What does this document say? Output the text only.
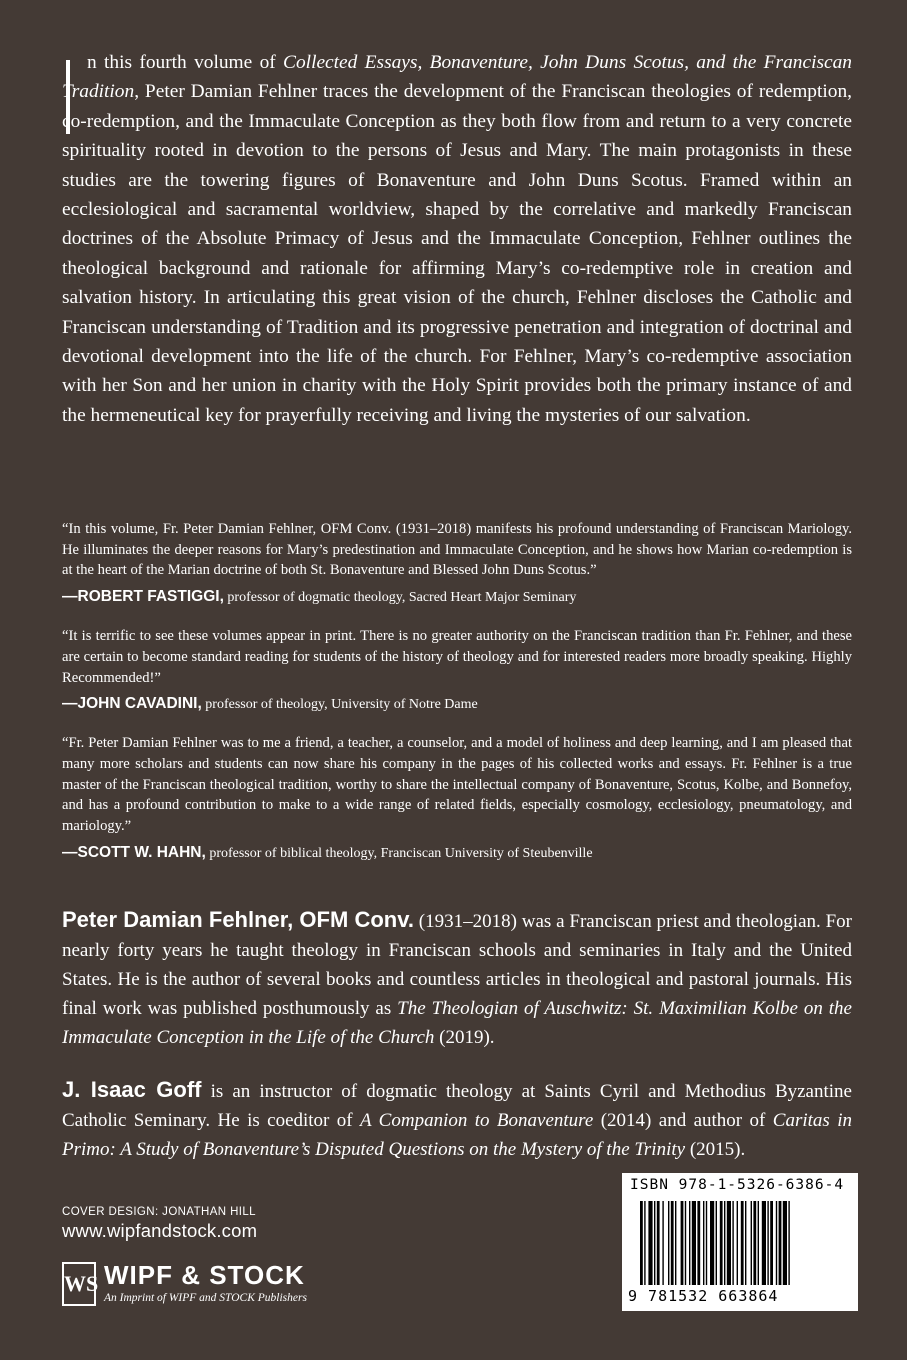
n this fourth volume of Collected Essays, Bonaventure, John Duns Scotus, and the Franciscan Tradition, Peter Damian Fehlner traces the development of the Franciscan theologies of redemption, co-redemption, and the Immaculate Conception as they both flow from and return to a very concrete spirituality rooted in devotion to the persons of Jesus and Mary. The main protagonists in these studies are the towering figures of Bonaventure and John Duns Scotus. Framed within an ecclesiological and sacramental worldview, shaped by the correlative and markedly Franciscan doctrines of the Absolute Primacy of Jesus and the Immaculate Conception, Fehlner outlines the theological background and rationale for affirming Mary’s co-redemptive role in creation and salvation history. In articulating this great vision of the church, Fehlner discloses the Catholic and Franciscan understanding of Tradition and its progressive penetration and integration of doctrinal and devotional development into the life of the church. For Fehlner, Mary’s co-redemptive association with her Son and her union in charity with the Holy Spirit provides both the primary instance of and the hermeneutical key for prayerfully receiving and living the mysteries of our salvation.

“In this volume, Fr. Peter Damian Fehlner, OFM Conv. (1931–2018) manifests his profound understanding of Franciscan Mariology. He illuminates the deeper reasons for Mary’s predestination and Immaculate Conception, and he shows how Marian co-redemption is at the heart of the Marian doctrine of both St. Bonaventure and Blessed John Duns Scotus.”

—ROBERT FASTIGGI, professor of dogmatic theology, Sacred Heart Major Seminary

“It is terrific to see these volumes appear in print. There is no greater authority on the Franciscan tradition than Fr. Fehlner, and these are certain to become standard reading for students of the history of theology and for interested readers more broadly speaking. Highly Recommended!”

—JOHN CAVADINI, professor of theology, University of Notre Dame

“Fr. Peter Damian Fehlner was to me a friend, a teacher, a counselor, and a model of holiness and deep learning, and I am pleased that many more scholars and students can now share his company in the pages of his collected works and essays. Fr. Fehlner is a true master of the Franciscan theological tradition, worthy to share the intellectual company of Bonaventure, Scotus, Kolbe, and Bonnefoy, and has a profound contribution to make to a wide range of related fields, especially cosmology, ecclesiology, pneumatology, and mariology.”

—SCOTT W. HAHN, professor of biblical theology, Franciscan University of Steubenville

Peter Damian Fehlner, OFM Conv. (1931–2018) was a Franciscan priest and theologian. For nearly forty years he taught theology in Franciscan schools and seminaries in Italy and the United States. He is the author of several books and countless articles in theological and pastoral journals. His final work was published posthumously as The Theologian of Auschwitz: St. Maximilian Kolbe on the Immaculate Conception in the Life of the Church (2019).

J. Isaac Goff is an instructor of dogmatic theology at Saints Cyril and Methodius Byzantine Catholic Seminary. He is coeditor of A Companion to Bonaventure (2014) and author of Caritas in Primo: A Study of Bonaventure’s Disputed Questions on the Mystery of the Trinity (2015).

COVER DESIGN: JONATHAN HILL

www.wipfandstock.com

WS WIPF & STOCK
An Imprint of WIPF and STOCK Publishers
ISBN 978-1-5326-6386-4
9 781532 663864
